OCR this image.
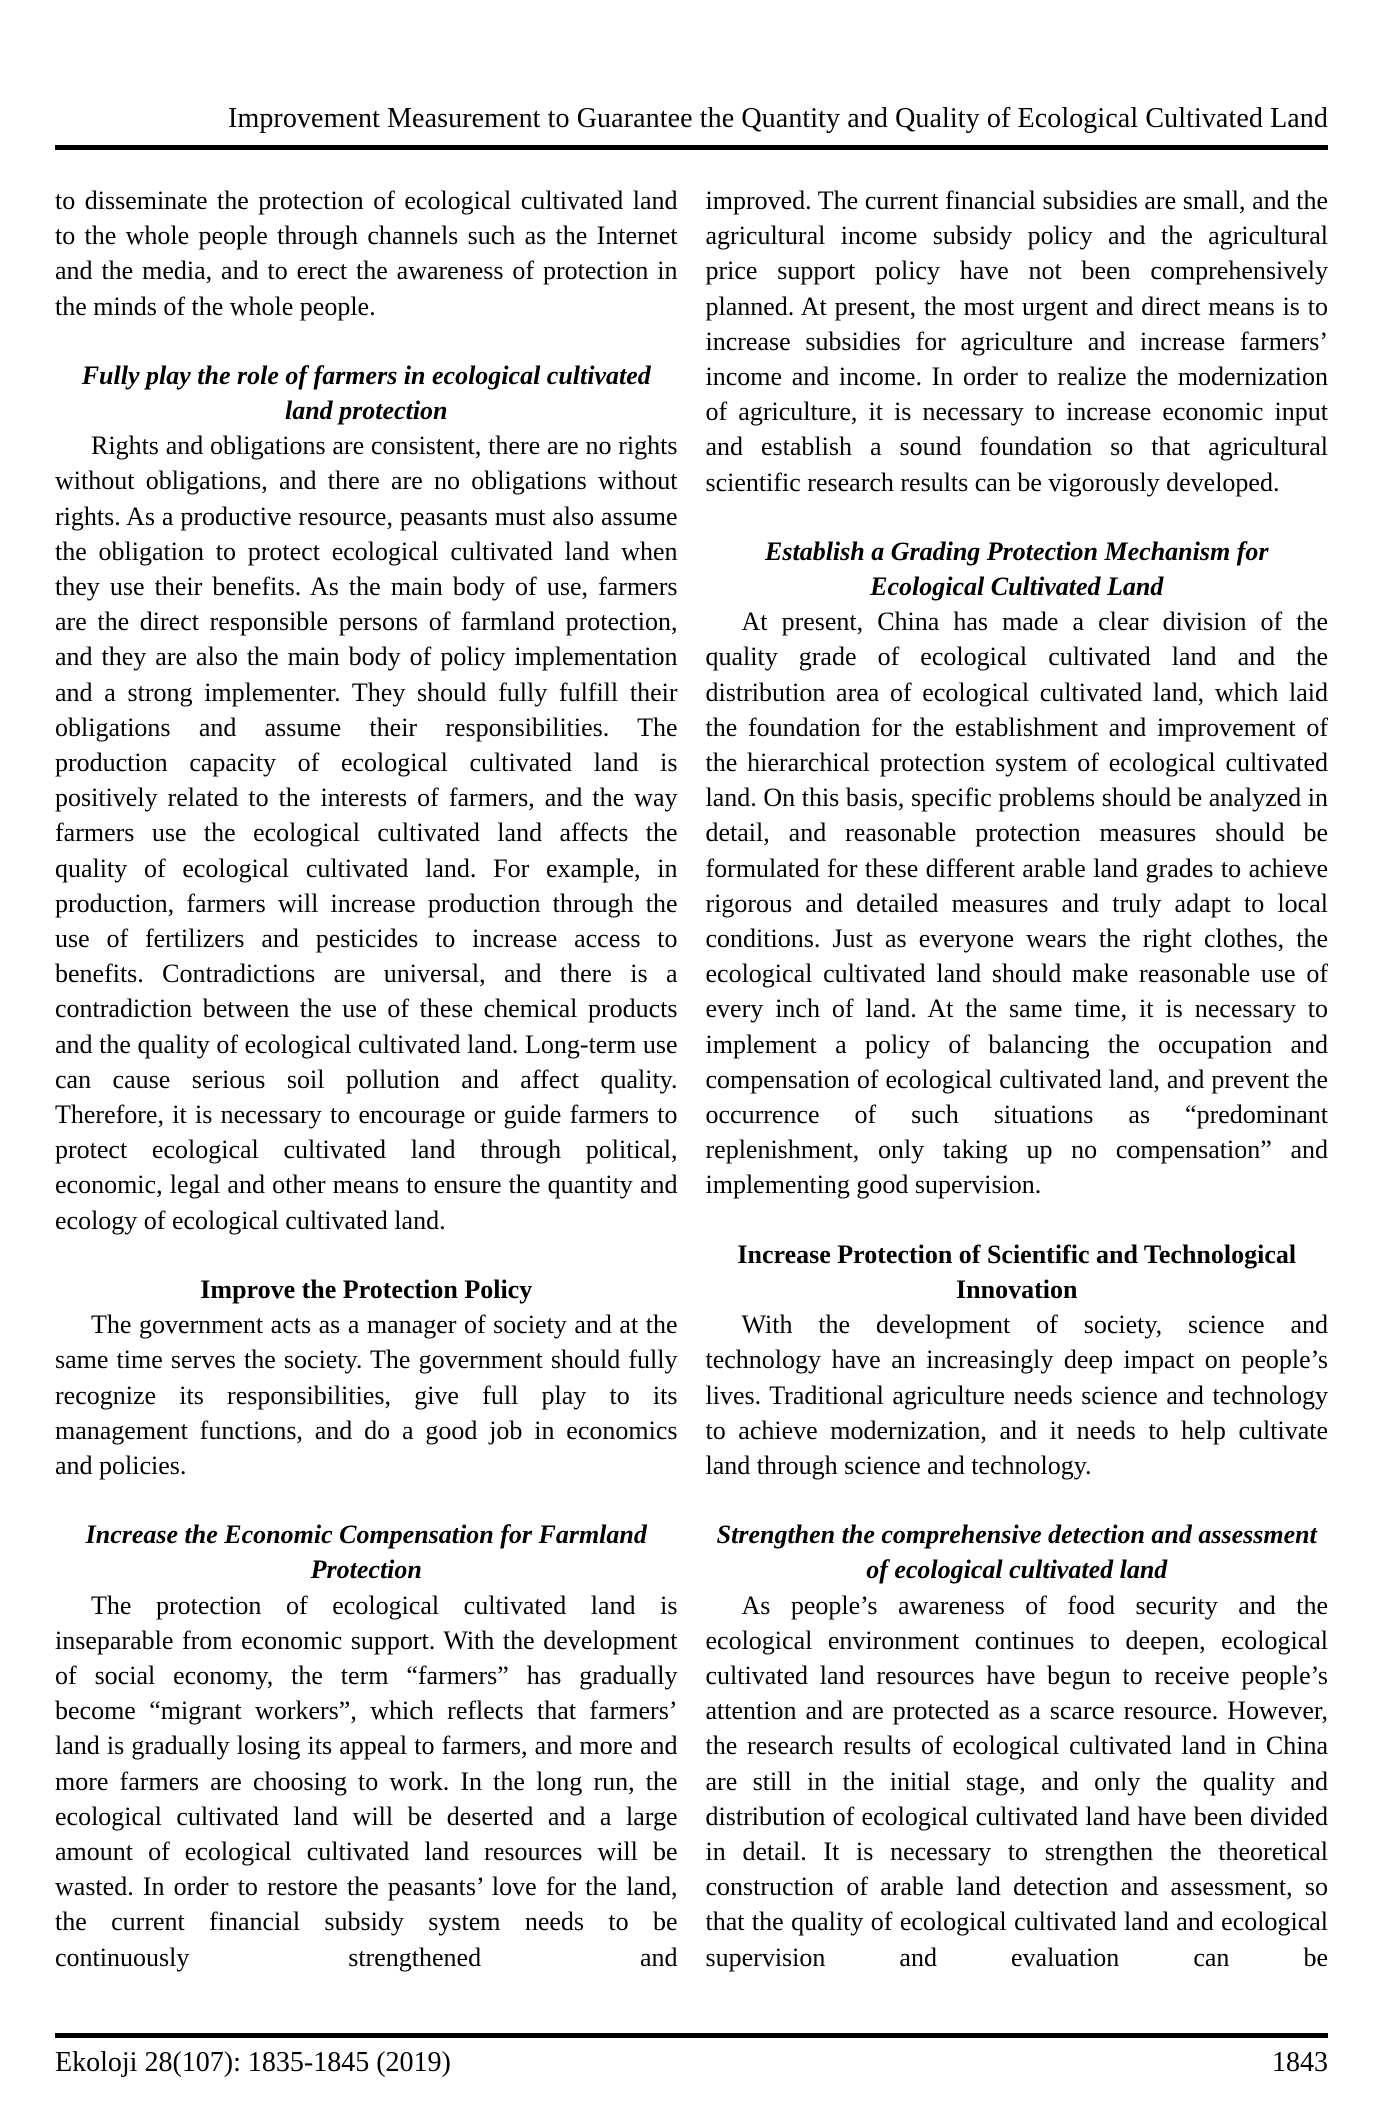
Improvement Measurement to Guarantee the Quantity and Quality of Ecological Cultivated Land

to disseminate the protection of ecological cultivated land to the whole people through channels such as the Internet and the media, and to erect the awareness of protection in the minds of the whole people.

Fully play the role of farmers in ecological cultivated land protection

Rights and obligations are consistent, there are no rights without obligations, and there are no obligations without rights. As a productive resource, peasants must also assume the obligation to protect ecological cultivated land when they use their benefits. As the main body of use, farmers are the direct responsible persons of farmland protection, and they are also the main body of policy implementation and a strong implementer. They should fully fulfill their obligations and assume their responsibilities. The production capacity of ecological cultivated land is positively related to the interests of farmers, and the way farmers use the ecological cultivated land affects the quality of ecological cultivated land. For example, in production, farmers will increase production through the use of fertilizers and pesticides to increase access to benefits. Contradictions are universal, and there is a contradiction between the use of these chemical products and the quality of ecological cultivated land. Long-term use can cause serious soil pollution and affect quality. Therefore, it is necessary to encourage or guide farmers to protect ecological cultivated land through political, economic, legal and other means to ensure the quantity and ecology of ecological cultivated land.

Improve the Protection Policy

The government acts as a manager of society and at the same time serves the society. The government should fully recognize its responsibilities, give full play to its management functions, and do a good job in economics and policies.

Increase the Economic Compensation for Farmland Protection

The protection of ecological cultivated land is inseparable from economic support. With the development of social economy, the term “farmers” has gradually become “migrant workers”, which reflects that farmers’ land is gradually losing its appeal to farmers, and more and more farmers are choosing to work. In the long run, the ecological cultivated land will be deserted and a large amount of ecological cultivated land resources will be wasted. In order to restore the peasants’ love for the land, the current financial subsidy system needs to be continuously strengthened and

improved. The current financial subsidies are small, and the agricultural income subsidy policy and the agricultural price support policy have not been comprehensively planned. At present, the most urgent and direct means is to increase subsidies for agriculture and increase farmers’ income and income. In order to realize the modernization of agriculture, it is necessary to increase economic input and establish a sound foundation so that agricultural scientific research results can be vigorously developed.

Establish a Grading Protection Mechanism for Ecological Cultivated Land

At present, China has made a clear division of the quality grade of ecological cultivated land and the distribution area of ecological cultivated land, which laid the foundation for the establishment and improvement of the hierarchical protection system of ecological cultivated land. On this basis, specific problems should be analyzed in detail, and reasonable protection measures should be formulated for these different arable land grades to achieve rigorous and detailed measures and truly adapt to local conditions. Just as everyone wears the right clothes, the ecological cultivated land should make reasonable use of every inch of land. At the same time, it is necessary to implement a policy of balancing the occupation and compensation of ecological cultivated land, and prevent the occurrence of such situations as “predominant replenishment, only taking up no compensation” and implementing good supervision.

Increase Protection of Scientific and Technological Innovation

With the development of society, science and technology have an increasingly deep impact on people’s lives. Traditional agriculture needs science and technology to achieve modernization, and it needs to help cultivate land through science and technology.

Strengthen the comprehensive detection and assessment of ecological cultivated land

As people’s awareness of food security and the ecological environment continues to deepen, ecological cultivated land resources have begun to receive people’s attention and are protected as a scarce resource. However, the research results of ecological cultivated land in China are still in the initial stage, and only the quality and distribution of ecological cultivated land have been divided in detail. It is necessary to strengthen the theoretical construction of arable land detection and assessment, so that the quality of ecological cultivated land and ecological supervision and evaluation can be

Ekoloji 28(107): 1835-1845 (2019)	1843
